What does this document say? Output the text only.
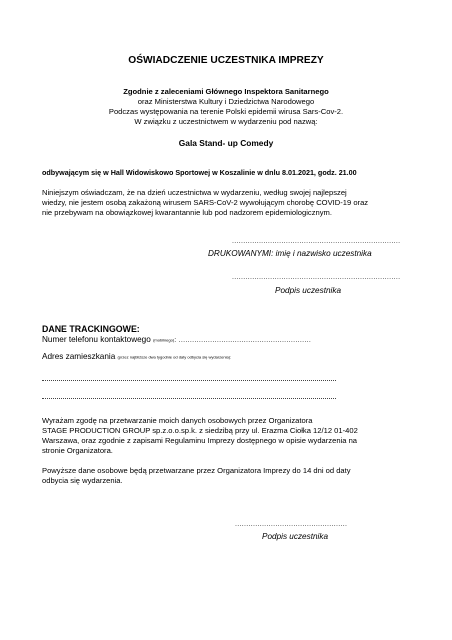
OŚWIADCZENIE UCZESTNIKA IMPREZY
Zgodnie z zaleceniami Głównego Inspektora Sanitarnego
oraz Ministerstwa Kultury i Dziedzictwa Narodowego
Podczas występowania na terenie Polski epidemii wirusa Sars-Cov-2.
W związku z uczestnictwem w wydarzeniu pod nazwą:
Gala Stand- up Comedy
odbywającym się w Hall Widowiskowo Sportowej w Koszalinie w dnlu 8.01.2021, godz. 21.00

Niniejszym oświadczam, że na dzień uczestnictwa w wydarzeniu, według swojej najlepszej

wiedzy, nie jestem osobą zakażoną wirusem SARS-CoV-2 wywołującym chorobę COVID-19 oraz

nie przebywam na obowiązkowej kwarantannie lub pod nadzorem epidemiologicznym.

...........................................................................
DRUKOWANYMI: imię i nazwisko uczestnika
...........................................................................
Podpis uczestnika
DANE TRACKINGOWE:
Numer telefonu kontaktowego (mobilnego): ...........................................................
Adres zamieszkania (przez najbliższe dwa tygodnie od daty odbycia się wydarzenia):

Wyrażam zgodę na przetwarzanie moich danych osobowych przez Organizatora

STAGE PRODUCTION GROUP sp.z.o.o.sp.k. z siedzibą przy ul. Erazma Ciołka 12/12 01-402

Warszawa, oraz zgodnie z zapisami Regulaminu Imprezy dostępnego w opisie wydarzenia na

stronie Organizatora.

Powyższe dane osobowe będą przetwarzane przez Organizatora Imprezy do 14 dni od daty

odbycia się wydarzenia.

..................................................
Podpis uczestnika
